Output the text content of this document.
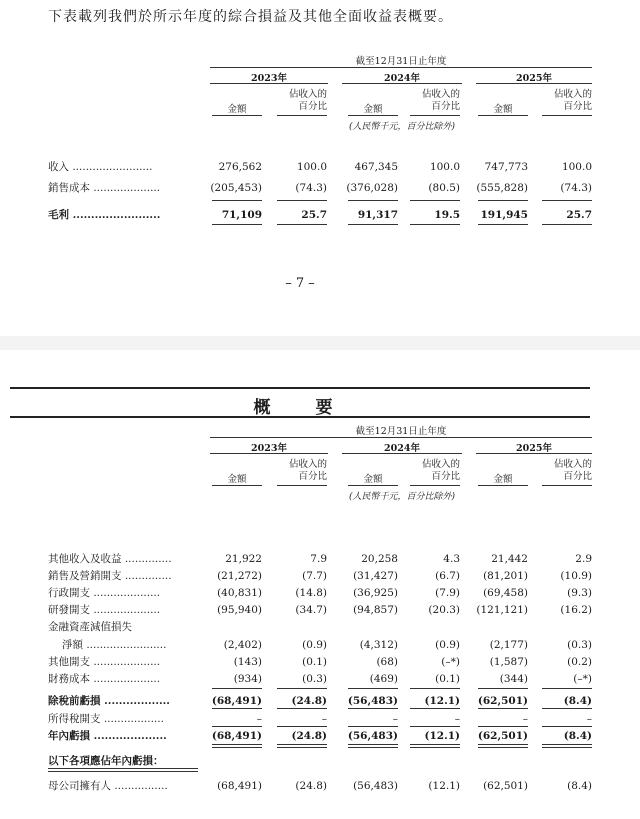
下表載列我們於所示年度的綜合損益及其他全面收益表概要。
截至12月31日止年度
2023年
金額
佔收入的
百分比
2024年
金額
佔收入的
百分比
2025年
金額
佔收入的
百分比
(人民幣千元，百分比除外)
收入 ........................	276,562	100.0	467,345	100.0	747,773	100.0
銷售成本 ....................	(205,453)	(74.3)	(376,028)	(80.5)	(555,828)	(74.3)
毛利 ........................	71,109	25.7	91,317	19.5	191,945	25.7
– 7 –
概　要
截至12月31日止年度
2023年
金額
佔收入的
百分比
2024年
金額
佔收入的
百分比
2025年
金額
佔收入的
百分比
(人民幣千元，百分比除外)
其他收入及收益 ..............	21,922	7.9	20,258	4.3	21,442	2.9
銷售及營銷開支 ..............	(21,272)	(7.7)	(31,427)	(6.7)	(81,201)	(10.9)
行政開支 ....................	(40,831)	(14.8)	(36,925)	(7.9)	(69,458)	(9.3)
研發開支 ....................	(95,940)	(34.7)	(94,857)	(20.3)	(121,121)	(16.2)
金融資產減值損失
淨額 ........................	(2,402)	(0.9)	(4,312)	(0.9)	(2,177)	(0.3)
其他開支 ....................	(143)	(0.1)	(68)	(–*)	(1,587)	(0.2)
財務成本 ....................	(934)	(0.3)	(469)	(0.1)	(344)	(–*)
除稅前虧損 ..................	(68,491)	(24.8)	(56,483)	(12.1)	(62,501)	(8.4)
所得稅開支 ..................	–	–	–	–	–	–
年內虧損 ....................	(68,491)	(24.8)	(56,483)	(12.1)	(62,501)	(8.4)
以下各項應佔年內虧損：
母公司擁有人 ................	(68,491)	(24.8)	(56,483)	(12.1)	(62,501)	(8.4)
